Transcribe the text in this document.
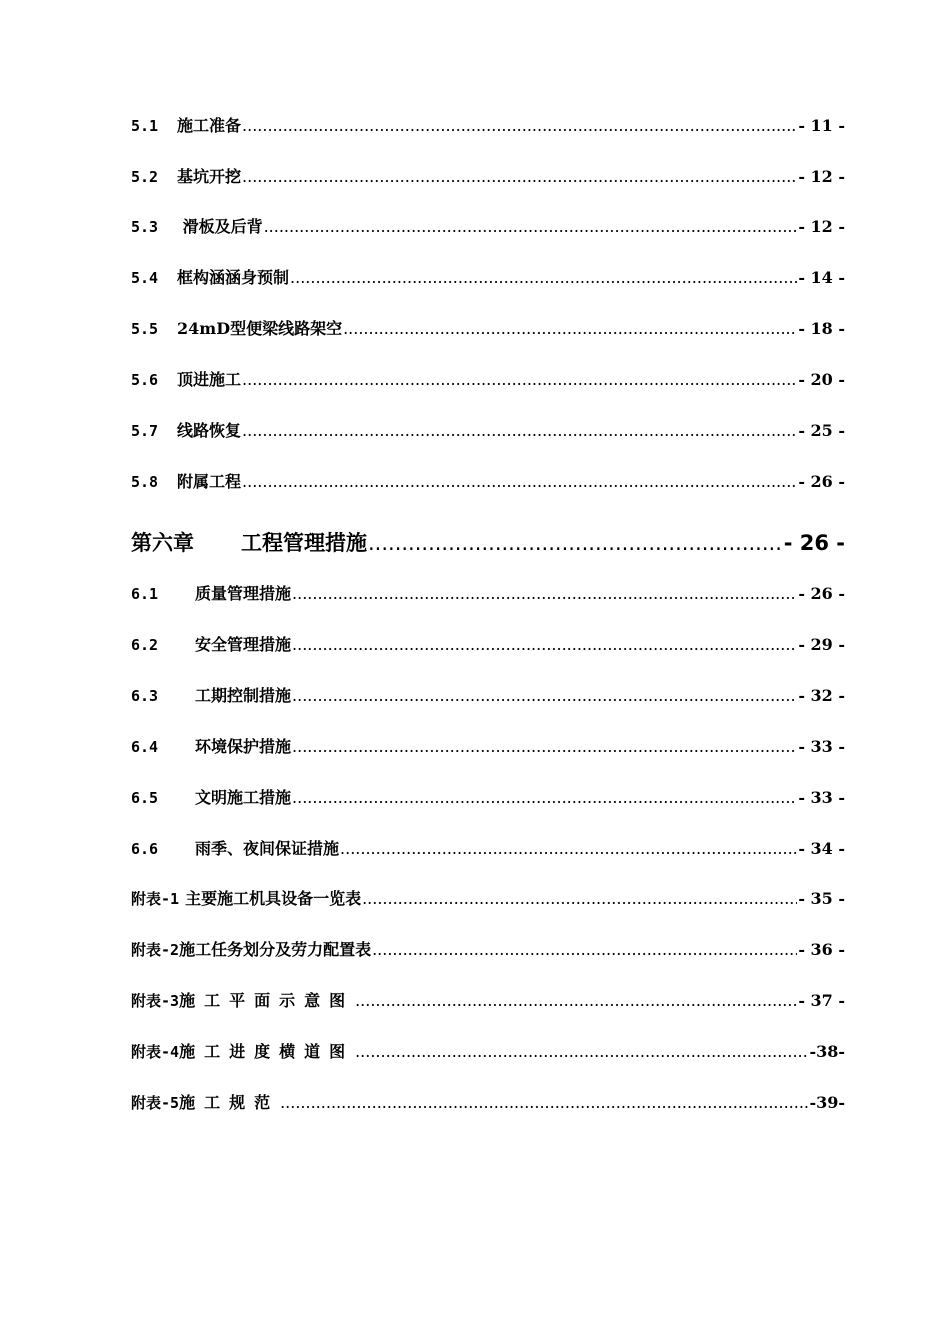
5.1	施工准备 .....	- 11 -
5.2	基坑开挖 .....	- 12 -
5.3	滑板及后背 .....	- 12 -
5.4	框构涵涵身预制 .....	- 14 -
5.5	24mD型便梁线路架空 .....	- 18 -
5.6	顶进施工 .....	- 20 -
5.7	线路恢复 .....	- 25 -
5.8	附属工程 .....	- 26 -
第六章	工程管理措施 .....	- 26 -
6.1	质量管理措施 .....	- 26 -
6.2	安全管理措施 .....	- 29 -
6.3	工期控制措施 .....	- 32 -
6.4	环境保护措施 .....	- 33 -
6.5	文明施工措施 .....	- 33 -
6.6	雨季、夜间保证措施 .....	- 34 -
附表-1 主要施工机具设备一览表 .....	- 35 -
附表-2 施工任务划分及劳力配置表 .....	- 36 -
附表-3 施工平面示意图 .....	- 37 -
附表-4 施工进度横道图 .....	-38-
附表-5 施工规范 .....	-39-
